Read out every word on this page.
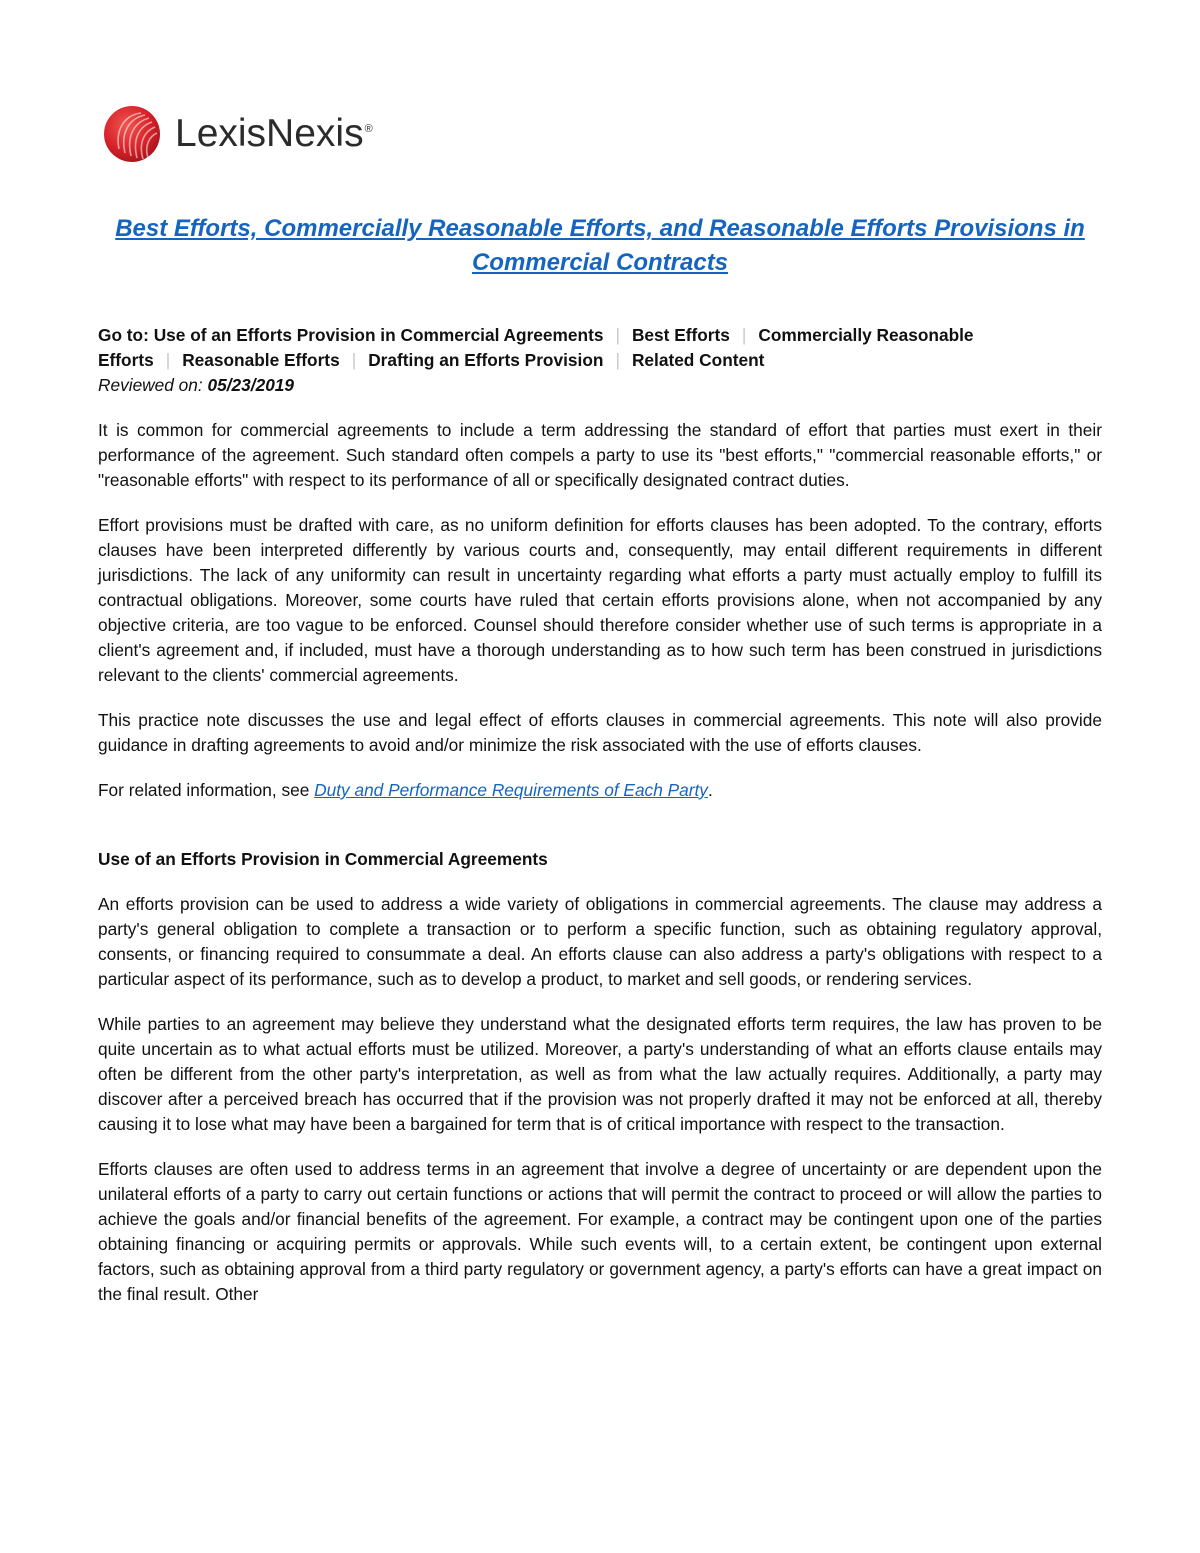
LexisNexis®
Best Efforts, Commercially Reasonable Efforts, and Reasonable Efforts Provisions in Commercial Contracts
Go to: Use of an Efforts Provision in Commercial Agreements | Best Efforts | Commercially Reasonable Efforts | Reasonable Efforts | Drafting an Efforts Provision | Related Content
Reviewed on: 05/23/2019

It is common for commercial agreements to include a term addressing the standard of effort that parties must exert in their performance of the agreement. Such standard often compels a party to use its "best efforts," "commercial reasonable efforts," or "reasonable efforts" with respect to its performance of all or specifically designated contract duties.

Effort provisions must be drafted with care, as no uniform definition for efforts clauses has been adopted. To the contrary, efforts clauses have been interpreted differently by various courts and, consequently, may entail different requirements in different jurisdictions. The lack of any uniformity can result in uncertainty regarding what efforts a party must actually employ to fulfill its contractual obligations. Moreover, some courts have ruled that certain efforts provisions alone, when not accompanied by any objective criteria, are too vague to be enforced. Counsel should therefore consider whether use of such terms is appropriate in a client's agreement and, if included, must have a thorough understanding as to how such term has been construed in jurisdictions relevant to the clients' commercial agreements.

This practice note discusses the use and legal effect of efforts clauses in commercial agreements. This note will also provide guidance in drafting agreements to avoid and/or minimize the risk associated with the use of efforts clauses.

For related information, see Duty and Performance Requirements of Each Party.

Use of an Efforts Provision in Commercial Agreements

An efforts provision can be used to address a wide variety of obligations in commercial agreements. The clause may address a party's general obligation to complete a transaction or to perform a specific function, such as obtaining regulatory approval, consents, or financing required to consummate a deal. An efforts clause can also address a party's obligations with respect to a particular aspect of its performance, such as to develop a product, to market and sell goods, or rendering services.

While parties to an agreement may believe they understand what the designated efforts term requires, the law has proven to be quite uncertain as to what actual efforts must be utilized. Moreover, a party's understanding of what an efforts clause entails may often be different from the other party's interpretation, as well as from what the law actually requires. Additionally, a party may discover after a perceived breach has occurred that if the provision was not properly drafted it may not be enforced at all, thereby causing it to lose what may have been a bargained for term that is of critical importance with respect to the transaction.

Efforts clauses are often used to address terms in an agreement that involve a degree of uncertainty or are dependent upon the unilateral efforts of a party to carry out certain functions or actions that will permit the contract to proceed or will allow the parties to achieve the goals and/or financial benefits of the agreement. For example, a contract may be contingent upon one of the parties obtaining financing or acquiring permits or approvals. While such events will, to a certain extent, be contingent upon external factors, such as obtaining approval from a third party regulatory or government agency, a party's efforts can have a great impact on the final result. Other
